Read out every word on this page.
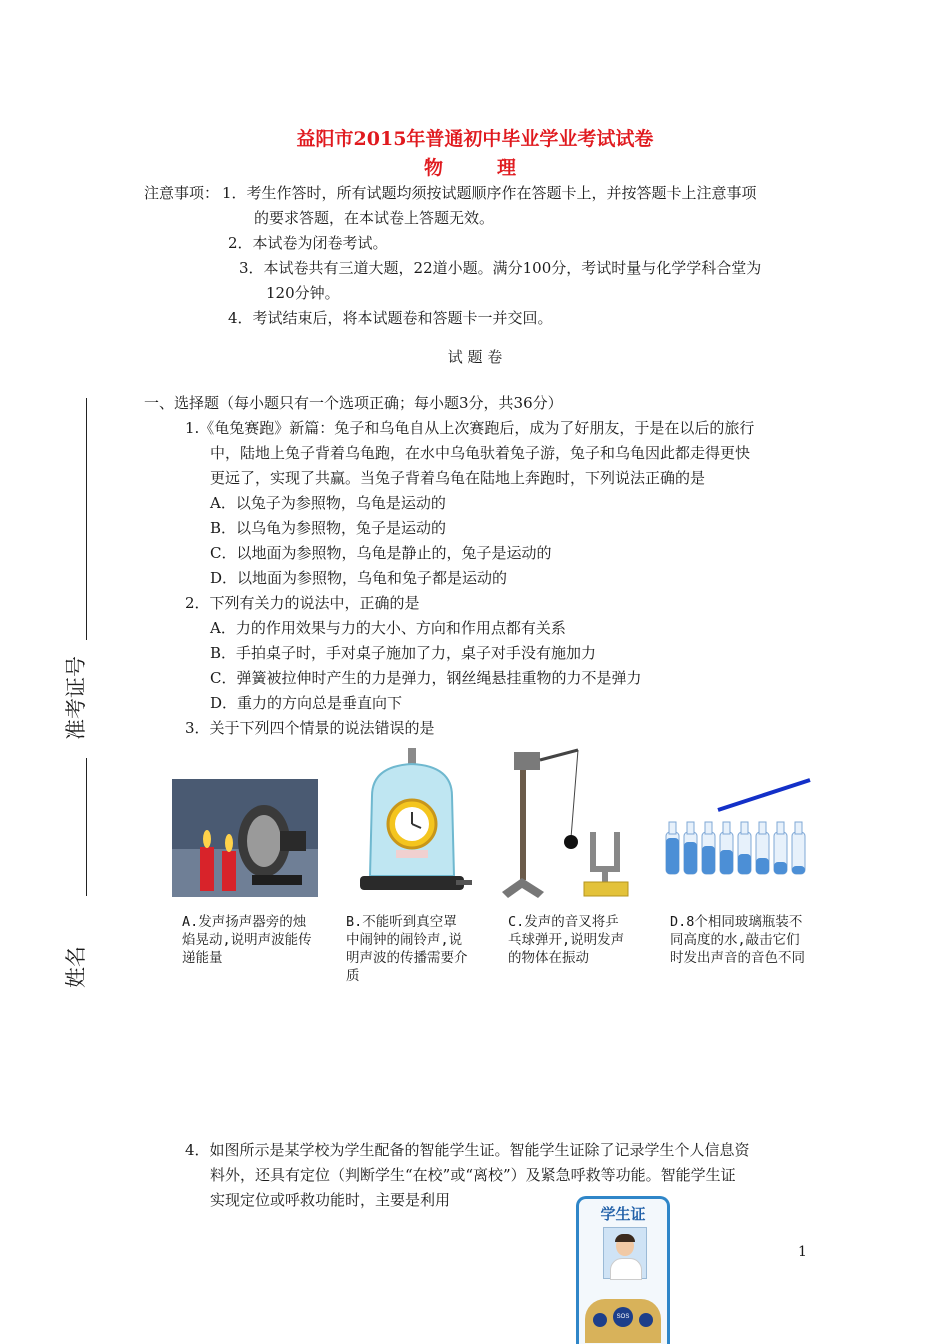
益阳市2015年普通初中毕业学业考试试卷
物	理
注意事项： 1．考生作答时，所有试题均须按试题顺序作在答题卡上，并按答题卡上注意事项
的要求答题，在本试卷上答题无效。
2．本试卷为闭卷考试。
3．本试卷共有三道大题，22道小题。满分100分，考试时量与化学学科合堂为
120分钟。
4．考试结束后，将本试题卷和答题卡一并交回。
试 题 卷
准考证号
姓名
一、选择题（每小题只有一个选项正确；每小题3分，共36分）
1.《龟兔赛跑》新篇：兔子和乌龟自从上次赛跑后，成为了好朋友，于是在以后的旅行
中，陆地上兔子背着乌龟跑，在水中乌龟驮着兔子游，兔子和乌龟因此都走得更快
更远了，实现了共赢。当兔子背着乌龟在陆地上奔跑时，下列说法正确的是
A．以兔子为参照物，乌龟是运动的
B．以乌龟为参照物，兔子是运动的
C．以地面为参照物，乌龟是静止的，兔子是运动的
D．以地面为参照物，乌龟和兔子都是运动的
2．下列有关力的说法中，正确的是
A．力的作用效果与力的大小、方向和作用点都有关系
B．手拍桌子时，手对桌子施加了力，桌子对手没有施加力
C．弹簧被拉伸时产生的力是弹力，钢丝绳悬挂重物的力不是弹力
D．重力的方向总是垂直向下
3．关于下列四个情景的说法错误的是
A.发声扬声器旁的烛焰晃动,说明声波能传递能量
B.不能听到真空罩中闹钟的闹铃声,说明声波的传播需要介质
C.发声的音叉将乒乓球弹开,说明发声的物体在振动
D.8个相同玻璃瓶装不同高度的水,敲击它们时发出声音的音色不同
4．如图所示是某学校为学生配备的智能学生证。智能学生证除了记录学生个人信息资
料外，还具有定位（判断学生“在校”或“离校”）及紧急呼救等功能。智能学生证
实现定位或呼救功能时，主要是利用
学生证
SOS
1
